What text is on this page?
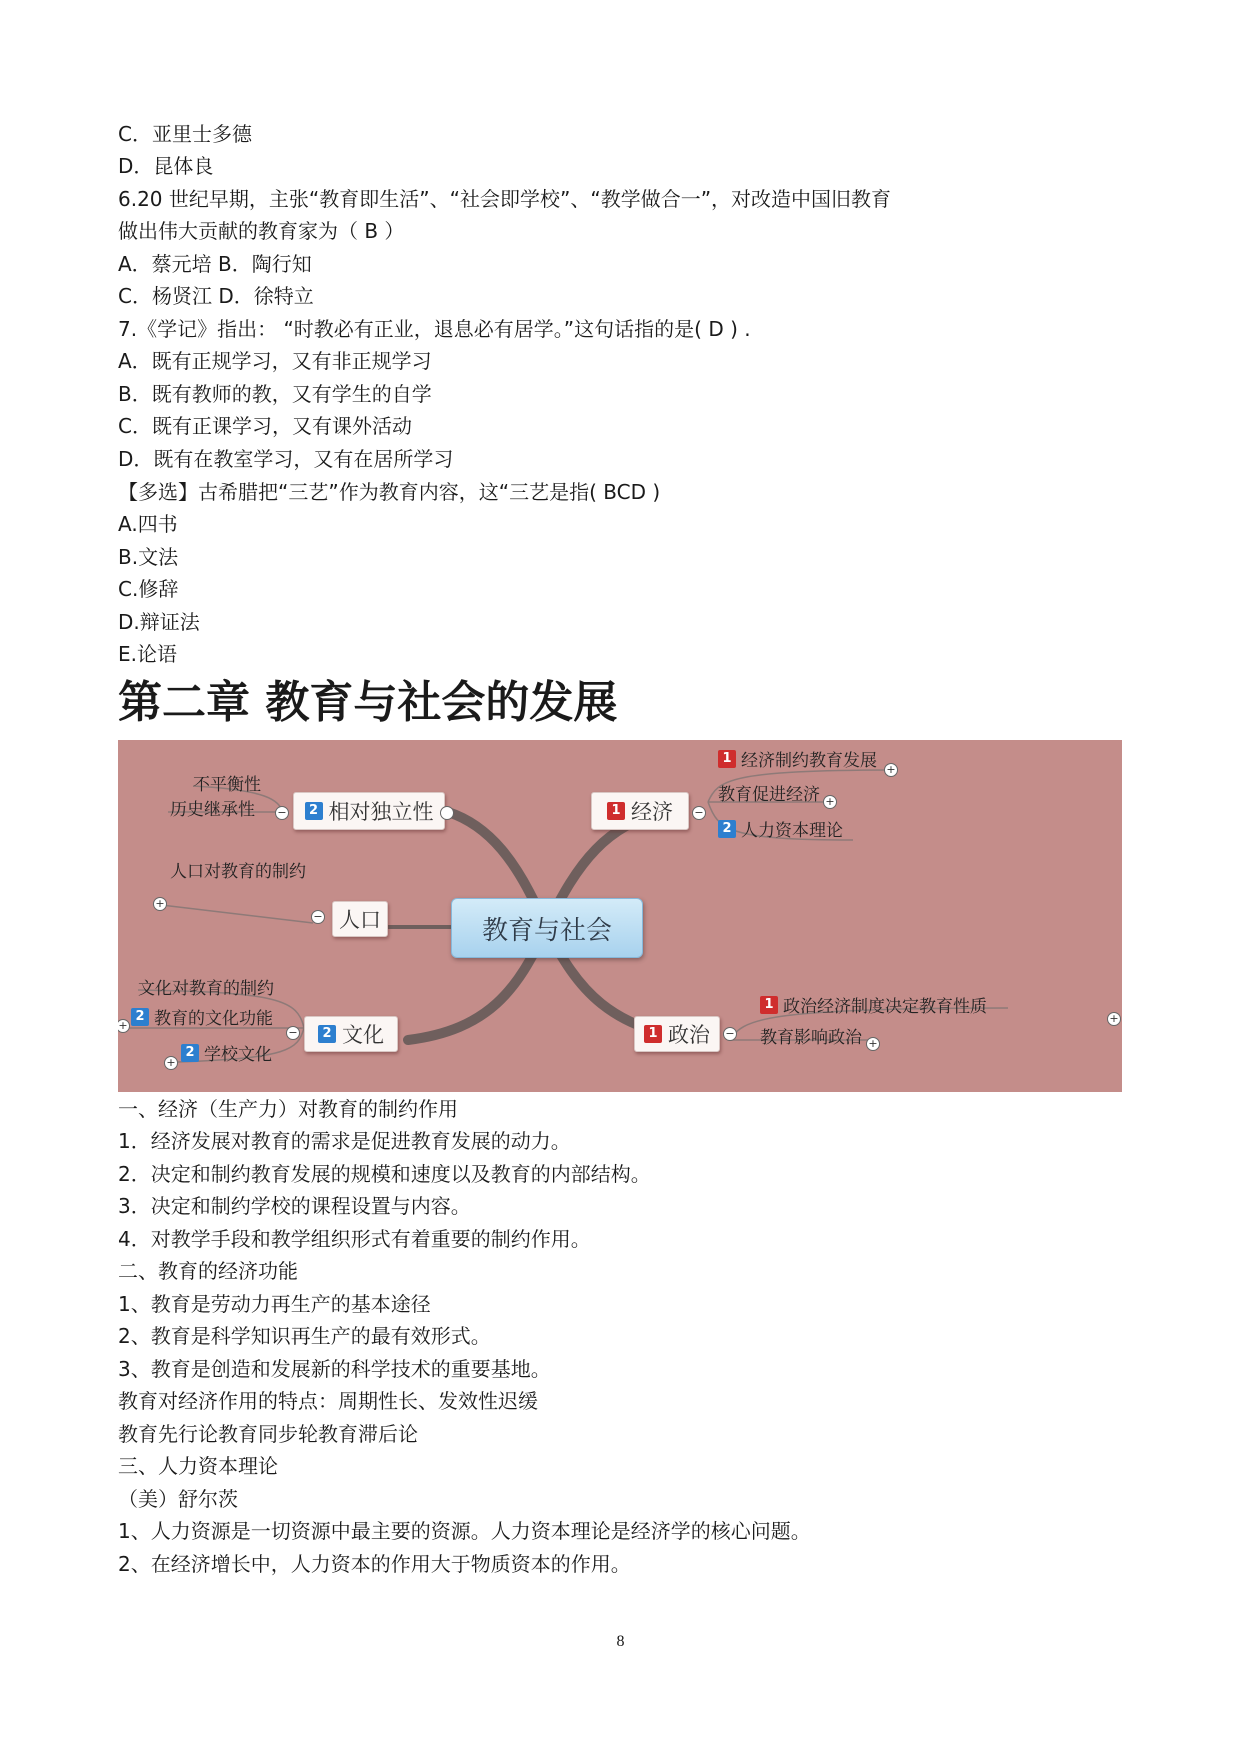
C．亚里士多德
D．昆体良
6.20 世纪早期，主张“教育即生活”、“社会即学校”、“教学做合一”，对改造中国旧教育
做出伟大贡献的教育家为（ B ）
A．蔡元培 B．陶行知
C．杨贤江 D．徐特立
7.《学记》指出： “时教必有正业，退息必有居学。”这句话指的是( D ) .
A．既有正规学习，又有非正规学习
B．既有教师的教，又有学生的自学
C．既有正课学习，又有课外活动
D．既有在教室学习，又有在居所学习
【多选】古希腊把“三艺”作为教育内容，这“三艺是指( BCD )
A.四书
B.文法
C.修辞
D.辩证法
E.论语
第二章 教育与社会的发展
教育与社会
2 相对独立性
−
不平衡性
历史继承性	1 经济 −
1 经济制约教育发展 +
教育促进经济 +
2 人力资本理论
人口
−
人口对教育的制约
+
2 文化
−
文化对教育的制约
2 教育的文化功能
+
2 学校文化
+
1 政治 −
1 政治经济制度决定教育性质
+
教育影响政治 +
一、经济（生产力）对教育的制约作用
1．经济发展对教育的需求是促进教育发展的动力。
2．决定和制约教育发展的规模和速度以及教育的内部结构。
3．决定和制约学校的课程设置与内容。
4．对教学手段和教学组织形式有着重要的制约作用。
二、教育的经济功能
1、教育是劳动力再生产的基本途径
2、教育是科学知识再生产的最有效形式。
3、教育是创造和发展新的科学技术的重要基地。
教育对经济作用的特点：周期性长、发效性迟缓
教育先行论教育同步轮教育滞后论
三、人力资本理论
（美）舒尔茨
1、人力资源是一切资源中最主要的资源。人力资本理论是经济学的核心问题。
2、在经济增长中，人力资本的作用大于物质资本的作用。
8
